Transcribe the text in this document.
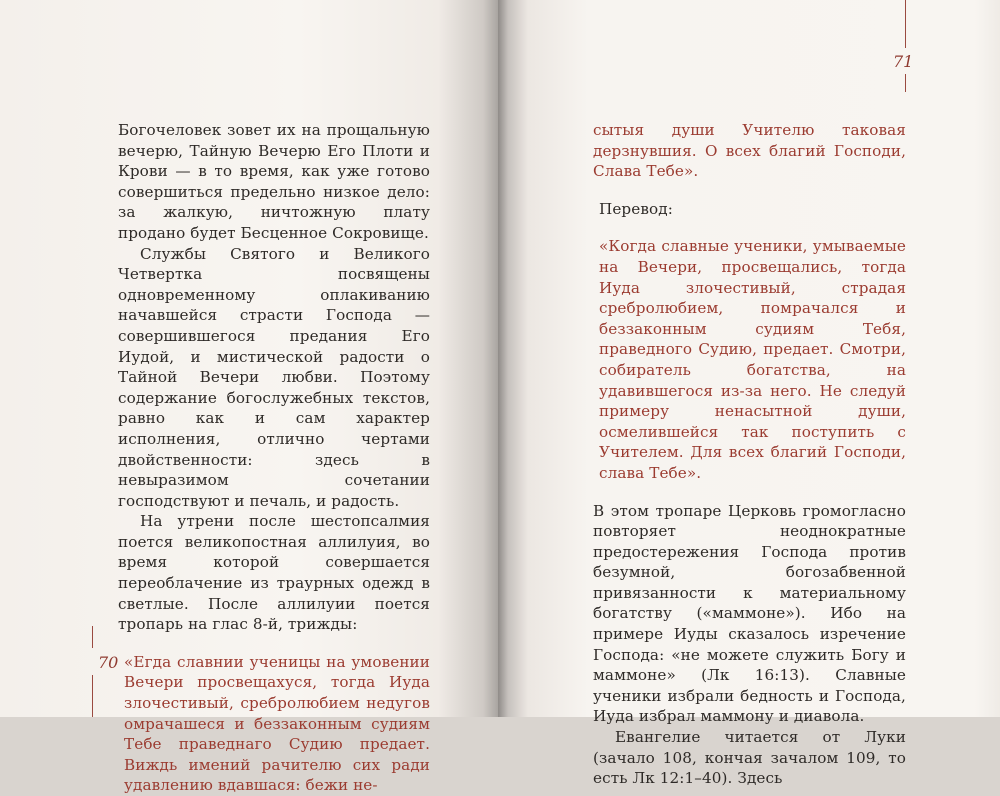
Богочеловек зовет их на прощальную вечерю, Тайную Вечерю Его Плоти и Крови — в то время, как уже готово совершиться предельно низкое дело: за жалкую, ничтожную плату продано будет Бесценное Сокровище.

Службы Святого и Великого Четвертка посвящены одновременному оплакиванию начавшейся страсти Господа — совершившегося предания Его Иудой, и мистической радости о Тайной Вечери любви. Поэтому содержание богослужебных текстов, равно как и сам характер исполнения, отлично чертами двойственности: здесь в невыразимом сочетании господствуют и печаль, и радость.

На утрени после шестопсалмия поется великопостная аллилуия, во время которой совершается переоблачение из траурных одежд в светлые. После аллилуии поется тропарь на глас 8-й, трижды:

«Егда славнии ученицы на умовении Вечери просвещахуся, тогда Иуда злочестивый, сребролюбием недугов омрачашеся и беззаконным судиям Тебе праведнаго Судию предает. Виждь имений рачителю сих ради удавлению вдавшася: бежи не-

70
71

сытыя души Учителю таковая дерзнувшия. О всех благий Господи, Слава Тебе».

Перевод:

«Когда славные ученики, умываемые на Вечери, просвещались, тогда Иуда злочестивый, страдая сребролюбием, помрачался и беззаконным судиям Тебя, праведного Судию, предает. Смотри, собиратель богатства, на удавившегося из-за него. Не следуй примеру ненасытной души, осмелившейся так поступить с Учителем. Для всех благий Господи, слава Тебе».

В этом тропаре Церковь громогласно повторяет неоднократные предостережения Господа против безумной, богозабвенной привязанности к материальному богатству («маммоне»). Ибо на примере Иуды сказалось изречение Господа: «не можете служить Богу и маммоне» (Лк 16:13). Славные ученики избрали бедность и Господа, Иуда избрал маммону и диавола.

Евангелие читается от Луки (зачало 108, кончая зачалом 109, то есть Лк 12:1–40). Здесь
